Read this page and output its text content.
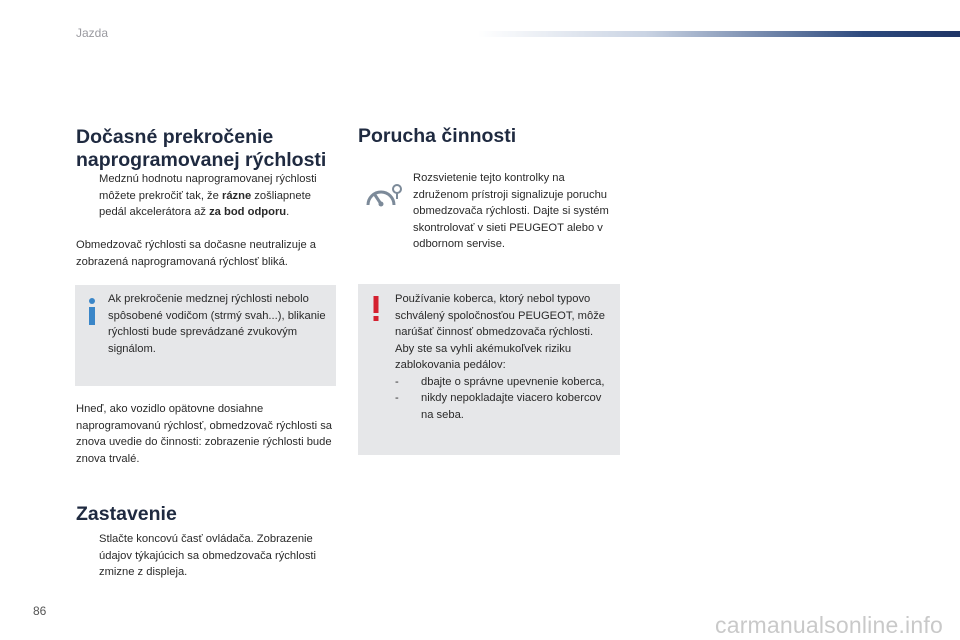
Jazda
Dočasné prekročenie naprogramovanej rýchlosti
Medznú hodnotu naprogramovanej rýchlosti môžete prekročiť tak, že rázne zošliapnete pedál akcelerátora až za bod odporu.
Obmedzovač rýchlosti sa dočasne neutralizuje a zobrazená naprogramovaná rýchlosť bliká.
Ak prekročenie medznej rýchlosti nebolo spôsobené vodičom (strmý svah...), blikanie rýchlosti bude sprevádzané zvukovým signálom.
Hneď, ako vozidlo opätovne dosiahne naprogramovanú rýchlosť, obmedzovač rýchlosti sa znova uvedie do činnosti: zobrazenie rýchlosti bude znova trvalé.
Zastavenie
Stlačte koncovú časť ovládača. Zobrazenie údajov týkajúcich sa obmedzovača rýchlosti zmizne z displeja.
Porucha činnosti
Rozsvietenie tejto kontrolky na združenom prístroji signalizuje poruchu obmedzovača rýchlosti. Dajte si systém skontrolovať v sieti PEUGEOT alebo v odbornom servise.
Používanie koberca, ktorý nebol typovo schválený spoločnosťou PEUGEOT, môže narúšať činnosť obmedzovača rýchlosti.
Aby ste sa vyhli akémukoľvek riziku zablokovania pedálov:
-	dbajte o správne upevnenie koberca,
-	nikdy nepokladajte viacero kobercov na seba.
86
carmanualsonline.info
